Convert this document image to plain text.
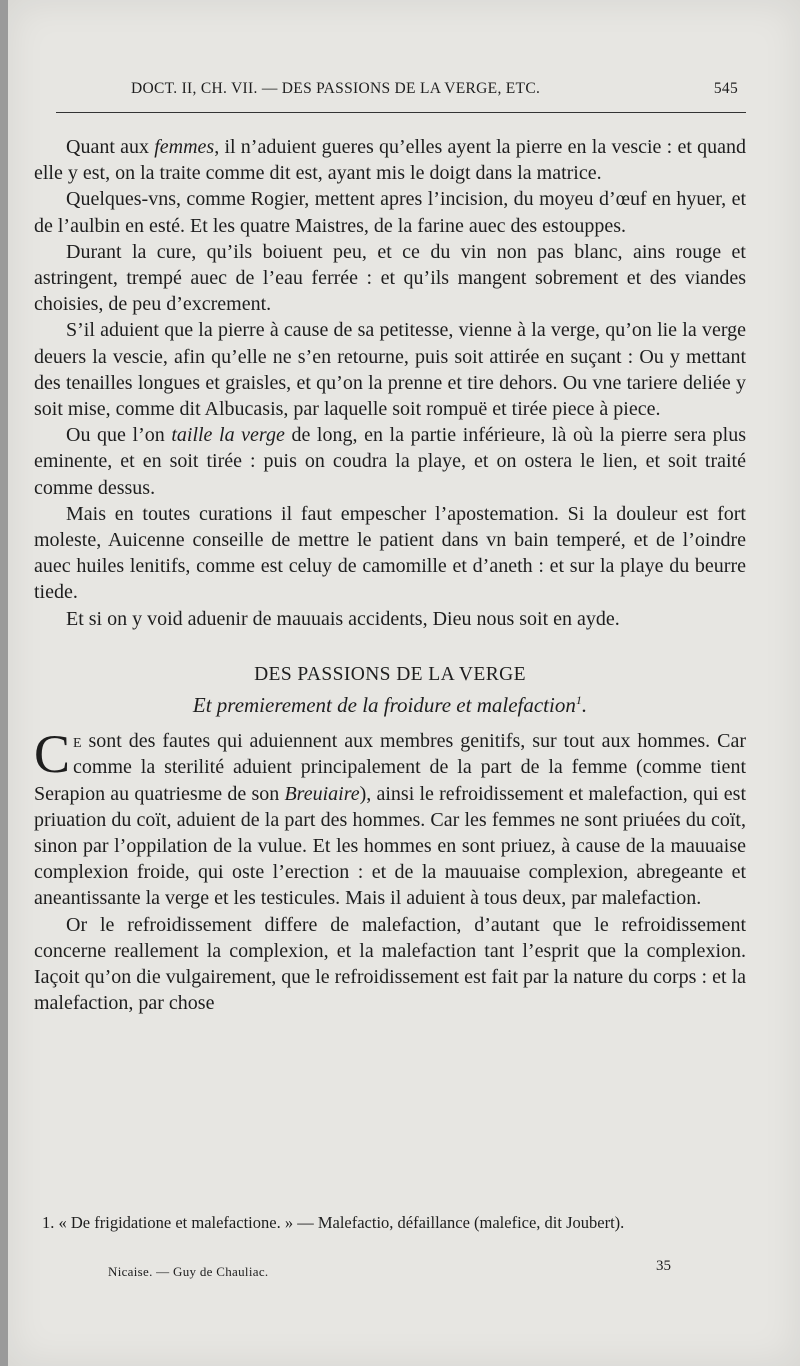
DOCT. II, CH. VII. — DES PASSIONS DE LA VERGE, ETC.	545

Quant aux femmes, il n’aduient gueres qu’elles ayent la pierre en la vescie : et quand elle y est, on la traite comme dit est, ayant mis le doigt dans la matrice.

Quelques-vns, comme Rogier, mettent apres l’incision, du moyeu d’œuf en hyuer, et de l’aulbin en esté. Et les quatre Maistres, de la farine auec des estouppes.

Durant la cure, qu’ils boiuent peu, et ce du vin non pas blanc, ains rouge et astringent, trempé auec de l’eau ferrée : et qu’ils mangent sobrement et des viandes choisies, de peu d’excrement.

S’il aduient que la pierre à cause de sa petitesse, vienne à la verge, qu’on lie la verge deuers la vescie, afin qu’elle ne s’en retourne, puis soit attirée en suçant : Ou y mettant des tenailles longues et graisles, et qu’on la prenne et tire dehors. Ou vne tariere deliée y soit mise, comme dit Albucasis, par laquelle soit rompuë et tirée piece à piece.

Ou que l’on taille la verge de long, en la partie inférieure, là où la pierre sera plus eminente, et en soit tirée : puis on coudra la playe, et on ostera le lien, et soit traité comme dessus.

Mais en toutes curations il faut empescher l’apostemation. Si la douleur est fort moleste, Auicenne conseille de mettre le patient dans vn bain temperé, et de l’oindre auec huiles lenitifs, comme est celuy de camomille et d’aneth : et sur la playe du beurre tiede.

Et si on y void aduenir de mauuais accidents, Dieu nous soit en ayde.

DES PASSIONS DE LA VERGE
Et premierement de la froidure et malefaction$^1$.

Ce sont des fautes qui aduiennent aux membres genitifs, sur tout aux hommes. Car comme la sterilité aduient principalement de la part de la femme (comme tient Serapion au quatriesme de son Breuiaire), ainsi le refroidissement et malefaction, qui est priuation du coït, aduient de la part des hommes. Car les femmes ne sont priuées du coït, sinon par l’oppilation de la vulue. Et les hommes en sont priuez, à cause de la mauuaise complexion froide, qui oste l’erection : et de la mauuaise complexion, abregeante et aneantissante la verge et les testicules. Mais il aduient à tous deux, par malefaction.

Or le refroidissement differe de malefaction, d’autant que le refroidissement concerne reallement la complexion, et la malefaction tant l’esprit que la complexion. Iaçoit qu’on die vulgairement, que le refroidissement est fait par la nature du corps : et la malefaction, par chose

1. « De frigidatione et malefactione. » — Malefactio, défaillance (malefice, dit Joubert).
Nicaise. — Guy de Chauliac.	35
